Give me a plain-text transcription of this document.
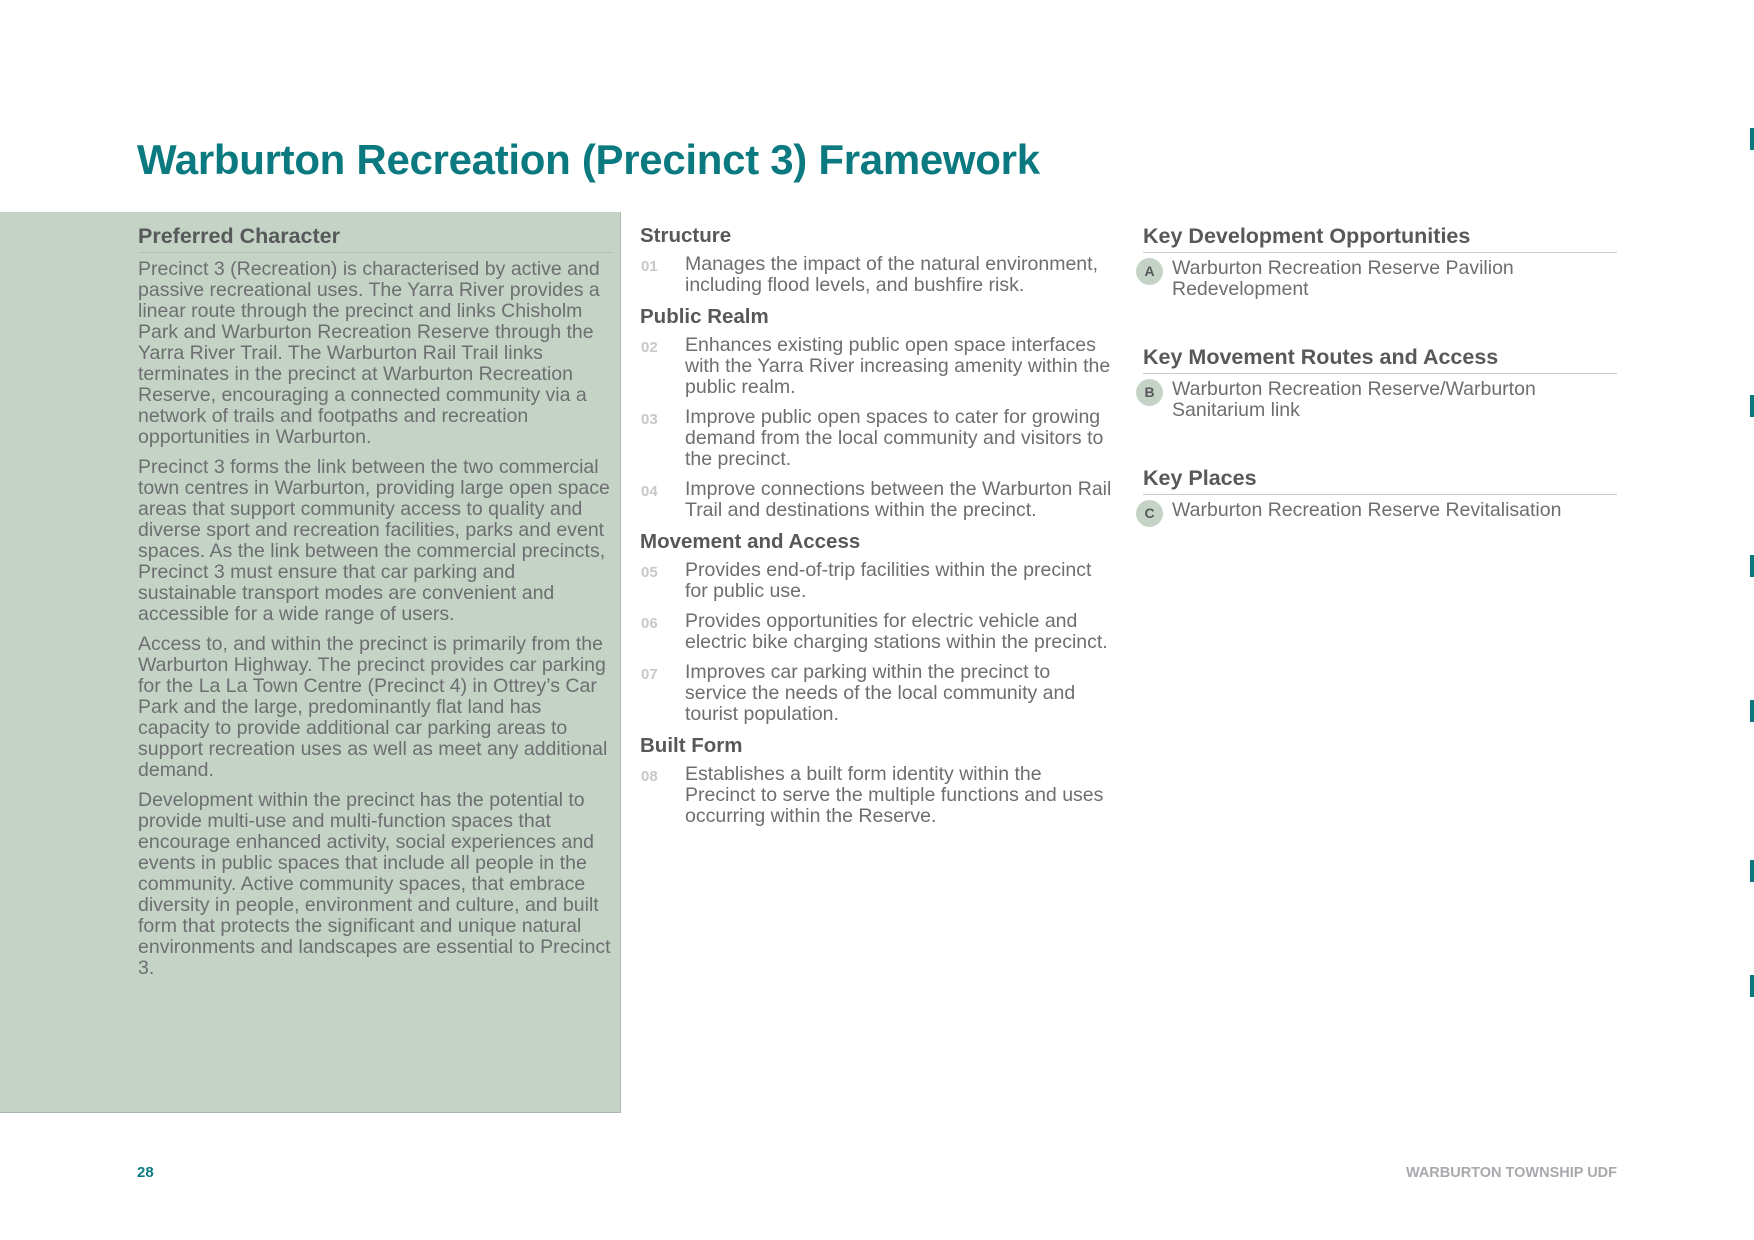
Warburton Recreation (Precinct 3) Framework
Preferred Character

Precinct 3 (Recreation) is characterised by active and passive recreational uses. The Yarra River provides a linear route through the precinct and links Chisholm Park and Warburton Recreation Reserve through the Yarra River Trail. The Warburton Rail Trail links terminates in the precinct at Warburton Recreation Reserve, encouraging a connected community via a network of trails and footpaths and recreation opportunities in Warburton.

Precinct 3 forms the link between the two commercial town centres in Warburton, providing large open space areas that support community access to quality and diverse sport and recreation facilities, parks and event spaces. As the link between the commercial precincts, Precinct 3 must ensure that car parking and sustainable transport modes are convenient and accessible for a wide range of users.

Access to, and within the precinct is primarily from the Warburton Highway. The precinct provides car parking for the La La Town Centre (Precinct 4) in Ottrey’s Car Park and the large, predominantly flat land has capacity to provide additional car parking areas to support recreation uses as well as meet any additional demand.

Development within the precinct has the potential to provide multi-use and multi-function spaces that encourage enhanced activity, social experiences and events in public spaces that include all people in the community. Active community spaces, that embrace diversity in people, environment and culture, and built form that protects the significant and unique natural environments and landscapes are essential to Precinct 3.

Structure
01 Manages the impact of the natural environment, including flood levels, and bushfire risk.
Public Realm
02 Enhances existing public open space interfaces with the Yarra River increasing amenity within the public realm.
03 Improve public open spaces to cater for growing demand from the local community and visitors to the precinct.
04 Improve connections between the Warburton Rail Trail and destinations within the precinct.
Movement and Access
05 Provides end-of-trip facilities within the precinct for public use.
06 Provides opportunities for electric vehicle and electric bike charging stations within the precinct.
07 Improves car parking within the precinct to service the needs of the local community and tourist population.
Built Form
08 Establishes a built form identity within the Precinct to serve the multiple functions and uses occurring within the Reserve.
Key Development Opportunities
A Warburton Recreation Reserve Pavilion Redevelopment
Key Movement Routes and Access
B Warburton Recreation Reserve/Warburton Sanitarium link
Key Places
C Warburton Recreation Reserve Revitalisation
28	WARBURTON TOWNSHIP UDF
